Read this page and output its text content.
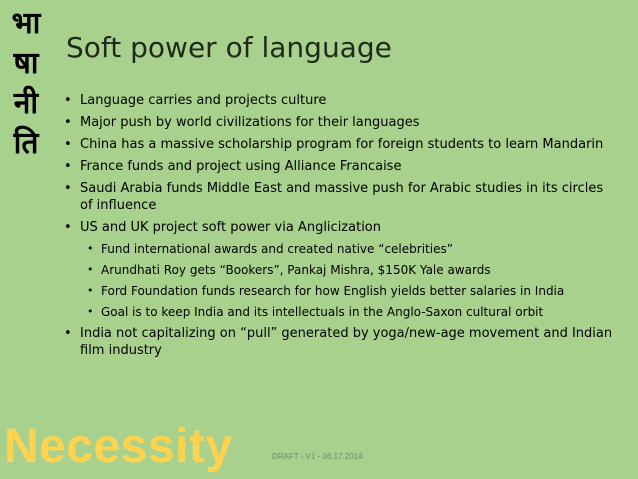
भा
षा
नी
ति
Soft power of language
• Language carries and projects culture
• Major push by world civilizations for their languages
• China has a massive scholarship program for foreign students to learn Mandarin
• France funds and project using Alliance Francaise
• Saudi Arabia funds Middle East and massive push for Arabic studies in its circles of influence
• US and UK project soft power via Anglicization
• Fund international awards and created native “celebrities”
• Arundhati Roy gets “Bookers”, Pankaj Mishra, $150K Yale awards
• Ford Foundation funds research for how English yields better salaries in India
• Goal is to keep India and its intellectuals in the Anglo-Saxon cultural orbit
• India not capitalizing on “pull” generated by yoga/new-age movement and Indian film industry
Necessity	DRAFT - V1 - 06.17.2014
